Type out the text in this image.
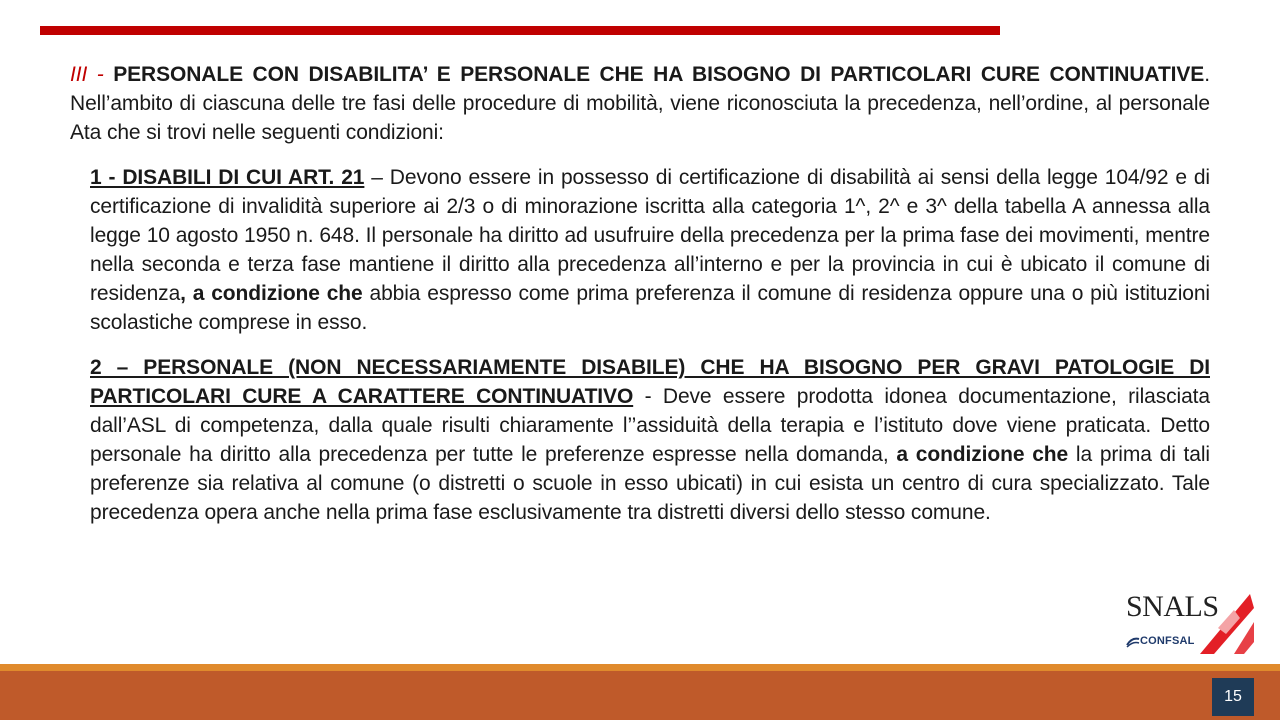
III - PERSONALE CON DISABILITA’ E PERSONALE CHE HA BISOGNO DI PARTICOLARI CURE CONTINUATIVE. Nell’ambito di ciascuna delle tre fasi delle procedure di mobilità, viene riconosciuta la precedenza, nell’ordine, al personale Ata che si trovi nelle seguenti condizioni:

1 - DISABILI DI CUI ART. 21 – Devono essere in possesso di certificazione di disabilità ai sensi della legge 104/92 e di certificazione di invalidità superiore ai 2/3 o di minorazione iscritta alla categoria 1^, 2^ e 3^ della tabella A annessa alla legge 10 agosto 1950 n. 648. Il personale ha diritto ad usufruire della precedenza per la prima fase dei movimenti, mentre nella seconda e terza fase mantiene il diritto alla precedenza all’interno e per la provincia in cui è ubicato il comune di residenza, a condizione che abbia espresso come prima preferenza il comune di residenza oppure una o più istituzioni scolastiche comprese in esso.

2 – PERSONALE (NON NECESSARIAMENTE DISABILE) CHE HA BISOGNO PER GRAVI PATOLOGIE DI PARTICOLARI CURE A CARATTERE CONTINUATIVO - Deve essere prodotta idonea documentazione, rilasciata dall’ASL di competenza, dalla quale risulti chiaramente l’’assiduità della terapia e l’istituto dove viene praticata. Detto personale ha diritto alla precedenza per tutte le preferenze espresse nella domanda, a condizione che la prima di tali preferenze sia relativa al comune (o distretti o scuole in esso ubicati) in cui esista un centro di cura specializzato. Tale precedenza opera anche nella prima fase esclusivamente tra distretti diversi dello stesso comune.

SNALS
CONFSAL
15
